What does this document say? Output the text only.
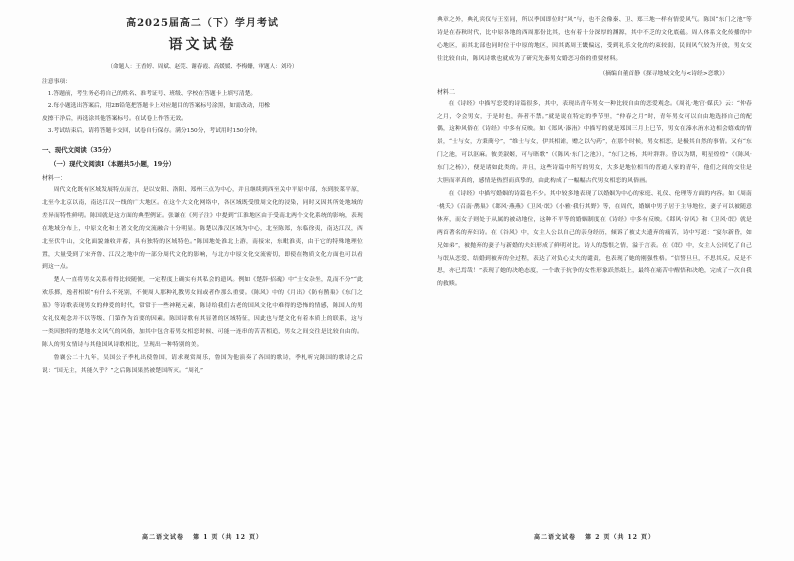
高2025届高二（下）学月考试
语文试卷
（命题人：王香婷、周斌、赵莞、谢春霞、高媛媛、李梅姗，审题人：刘玲）
注意事项：
1.答题前，考生务必将自己的姓名、准考证号、班级、学校在答题卡上填写清楚。
2.每小题选出答案后，用2B铅笔把答题卡上对应题目的答案标号涂黑，如需改动，用橡
皮擦干净后，再选涂其他答案标号。在试卷上作答无效。
3.考试结束后，请将答题卡交回，试卷自行保存。满分150分，考试用时150分钟。
一、现代文阅读（35分）
（一）现代文阅读Ⅰ（本题共5小题，19分）
材料一：

周代文化既有区域发展特点而言，是以安阳、洛阳、郑州三点为中心，并且继续到西至关中平原中部，东到胶莱平原，北至今北京以南，南达江汉一线的广大地区。在这个大文化网络中，各区域既受殷周文化的浸染，同时又因其所处地域的差异而特性鲜明。陈国就是这方面的典型例证。张谦在《列子注》中提到“江淮地区由于受南北两个文化系统的影响，表现在地域分布上，中原文化和土著文化的交流融合十分明显。陈楚以淮汉区域为中心，北至陈郑，东临徐夷，南达江汉，西北至伏牛山，文化面貌兼收并蓄，具有独特的区域特色。”陈国地处淮北上游，南接宋，东毗淮夷，由于它的特殊地理位置，大量受到了宋齐鲁、江汉之地中的一部分周代文化的影响，与北方中原文化交流密切，即使在物质文化方面也可以看到这一点。

楚人一直将男女关系看得比较随便，一定程度上确实有其私会的遗风。例如《楚辞·招魂》中“士女杂坐，乱而不分”“此欢乐掷，逸者相娱”有什么不死别，不便周人那种礼教男女间或者作那么重要。《陈风》中的《月出》《防有鹊巢》《东门之墓》等诗歌表现男女的伸爱的时代，常常于一些神秘元素，陈诗给我们古老的国风文化中难得的恐怖的情感，陈国人的男女礼仪观念并不以等级、门第作为首要的因素。陈国诗歌有其显著的区域特征，因此也与楚文化有着本质上的联系，这与一类因独特的楚地水文风气的风俗，加其中包含着男女相恋时候、可能一连串的苦苦相追，男女之间交往是比较自由的。陈人的男女情诗与其他国风诗歌相比，呈现出一种特别的美。

鲁襄公二十九年，吴国公子季札出使鲁国，请求观赏周乐，鲁国为他演奏了各国的歌诗，季札听完陈国的歌诗之后说：“国无主，其能久乎？”之后陈国果然被楚国所灭。“周礼”

高二语文试卷 第 1 页（共 12 页）

典章之外，典礼宾仪与王室同，所以季国即位时“风”与，也不会像秦、卫、郑三地一样有情爱风气。陈国“东门之池”等诗是在春秋时代，比中原各地的西周那份比其，也有着十分深厚的渊源，其中不乏的文化底蕴。周人体系文化传播的中心地区，而其北部也同时位于中原的地区，因其离周王畿偏远，受到礼乐文化的约束较弱，民间风气较为开放，男女交往比较自由，陈风诗歌也就成为了研究先秦男女婚恋习俗的重要材料。

（摘编自董首静《探寻地域文化与<诗经>恋歌》）
材料二

在《诗经》中描写恋爱的诗篇很多，其中，表现出青年男女一种比较自由的恋爱观念。《周礼·地官·媒氏》云：“仲春之月，令会男女，于是时也，奔者不禁。”就是说在特定的季节里，“仲春之月”时，青年男女可以自由地选择自己的配偶，这种风俗在《诗经》中多有反映。如《郑风·溱洧》中描写的就是郑国三月上巳节，男女在溱水洧水边相会嬉戏的情景，“士与女，方秉蕳兮”，“维士与女，伊其相谑，赠之以勺药”，在那个时候，男女相恋，是极其自然的事情。又有“东门之池，可以沤麻。彼美淑姬，可与晤歌”（《陈风·东门之池》），“东门之杨，其叶牂牂。昏以为期，明星煌煌”（《陈风·东门之杨》），便是诸如此类的。并且，这些诗篇中所写的男女，大多是地位相当的普通人家的青年，他们之间的交往是大胆而率真的，感情是热烈而真挚的，由此构成了一幅幅古代男女相恋的风俗画。

在《诗经》中描写婚姻的诗篇也不少。其中较多地表现了以婚姻为中心的家庭、礼仪、伦理等方面的内容。如《周南·桃夭》《召南·鹊巢》《邶风·燕燕》《卫风·氓》《小雅·我行其野》等，在周代，婚姻中男子居于主导地位，妻子可以被随意休弃，而女子则处于从属的被动地位，这种不平等的婚姻制度在《诗经》中多有反映。《邶风·谷风》和《卫风·氓》就是两首著名的弃妇诗。在《谷风》中，女主人公以自己的亲身经历，倾诉了被丈夫遗弃的痛苦，诗中写道：“宴尔新昏，如兄如弟”，被抛弃的妻子与新婚的夫妇形成了鲜明对比。诗人的怨恨之情，溢于言表。在《氓》中，女主人公回忆了自己与氓从恋爱、结婚到被弃的全过程，表达了对负心丈夫的谴责，也表现了她的刚强性格。“信誓旦旦，不思其反。反是不思，亦已焉哉！”表现了她的决绝态度，一个敢于抗争的女性形象跃然纸上，最终在痛苦中醒悟和决绝，完成了一次自我的救赎。

高二语文试卷 第 2 页（共 12 页）
